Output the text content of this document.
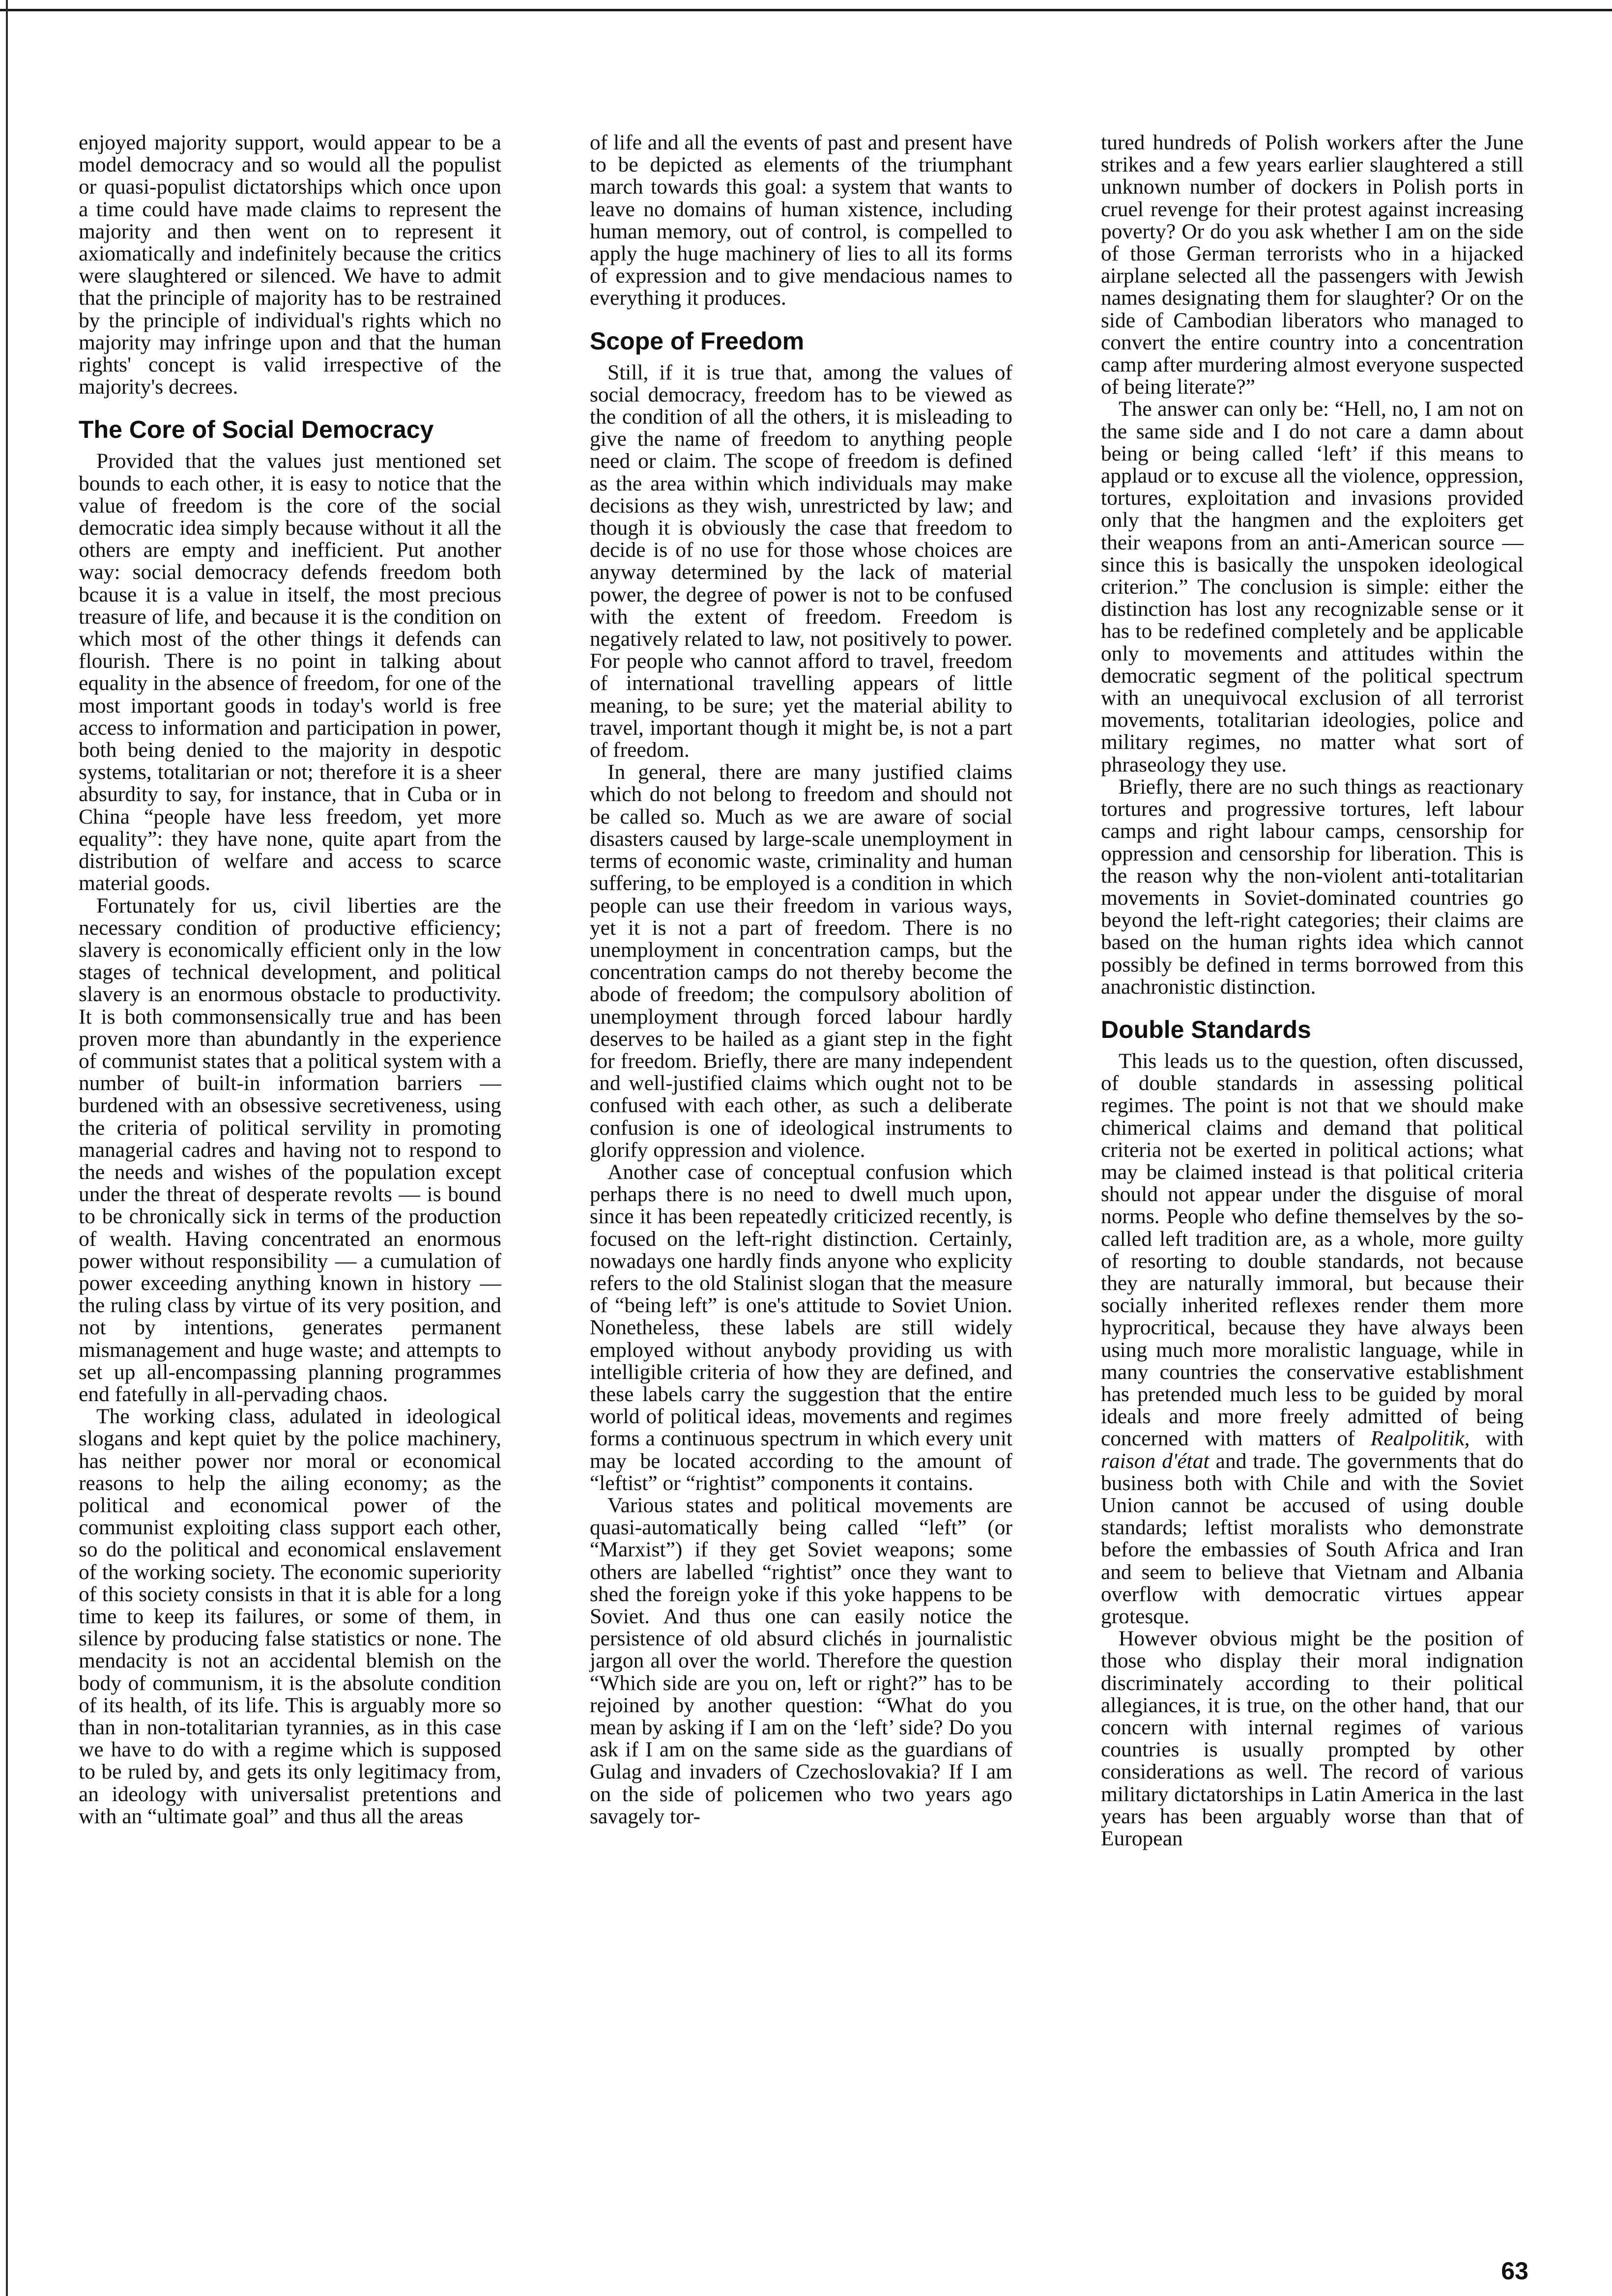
enjoyed majority support, would appear to be a model democracy and so would all the populist or quasi-populist dictatorships which once upon a time could have made claims to represent the majority and then went on to represent it axiomatically and indefinitely because the critics were slaughtered or silenced. We have to admit that the principle of majority has to be restrained by the principle of individual's rights which no majority may infringe upon and that the human rights' concept is valid irrespective of the majority's decrees.

The Core of Social Democracy

Provided that the values just mentioned set bounds to each other, it is easy to notice that the value of freedom is the core of the social democratic idea simply because without it all the others are empty and inefficient. Put another way: social democracy defends freedom both bcause it is a value in itself, the most precious treasure of life, and because it is the condition on which most of the other things it defends can flourish. There is no point in talking about equality in the absence of freedom, for one of the most important goods in today's world is free access to information and participation in power, both being denied to the majority in despotic systems, totalitarian or not; therefore it is a sheer absurdity to say, for instance, that in Cuba or in China “people have less freedom, yet more equality”: they have none, quite apart from the distribution of welfare and access to scarce material goods.

Fortunately for us, civil liberties are the necessary condition of productive efficiency; slavery is economically efficient only in the low stages of technical development, and political slavery is an enormous obstacle to productivity. It is both commonsensically true and has been proven more than abundantly in the experience of communist states that a political system with a number of built-in information barriers — burdened with an obsessive secretiveness, using the criteria of political servility in promoting managerial cadres and having not to respond to the needs and wishes of the population except under the threat of desperate revolts — is bound to be chronically sick in terms of the production of wealth. Having concentrated an enormous power without responsibility — a cumulation of power exceeding anything known in history — the ruling class by virtue of its very position, and not by intentions, generates permanent mismanagement and huge waste; and attempts to set up all-encompassing planning programmes end fatefully in all-pervading chaos.

The working class, adulated in ideological slogans and kept quiet by the police machinery, has neither power nor moral or economical reasons to help the ailing economy; as the political and economical power of the communist exploiting class support each other, so do the political and economical enslavement of the working society. The economic superiority of this society consists in that it is able for a long time to keep its failures, or some of them, in silence by producing false statistics or none. The mendacity is not an accidental blemish on the body of communism, it is the absolute condition of its health, of its life. This is arguably more so than in non-totalitarian tyrannies, as in this case we have to do with a regime which is supposed to be ruled by, and gets its only legitimacy from, an ideology with universalist pretentions and with an “ultimate goal” and thus all the areas

of life and all the events of past and present have to be depicted as elements of the triumphant march towards this goal: a system that wants to leave no domains of human xistence, including human memory, out of control, is compelled to apply the huge machinery of lies to all its forms of expression and to give mendacious names to everything it produces.

Scope of Freedom

Still, if it is true that, among the values of social democracy, freedom has to be viewed as the condition of all the others, it is misleading to give the name of freedom to anything people need or claim. The scope of freedom is defined as the area within which individuals may make decisions as they wish, unrestricted by law; and though it is obviously the case that freedom to decide is of no use for those whose choices are anyway determined by the lack of material power, the degree of power is not to be confused with the extent of freedom. Freedom is negatively related to law, not positively to power. For people who cannot afford to travel, freedom of international travelling appears of little meaning, to be sure; yet the material ability to travel, important though it might be, is not a part of freedom.

In general, there are many justified claims which do not belong to freedom and should not be called so. Much as we are aware of social disasters caused by large-scale unemployment in terms of economic waste, criminality and human suffering, to be employed is a condition in which people can use their freedom in various ways, yet it is not a part of freedom. There is no unemployment in concentration camps, but the concentration camps do not thereby become the abode of freedom; the compulsory abolition of unemployment through forced labour hardly deserves to be hailed as a giant step in the fight for freedom. Briefly, there are many independent and well-justified claims which ought not to be confused with each other, as such a deliberate confusion is one of ideological instruments to glorify oppression and violence.

Another case of conceptual confusion which perhaps there is no need to dwell much upon, since it has been repeatedly criticized recently, is focused on the left-right distinction. Certainly, nowadays one hardly finds anyone who explicity refers to the old Stalinist slogan that the measure of “being left” is one's attitude to Soviet Union. Nonetheless, these labels are still widely employed without anybody providing us with intelligible criteria of how they are defined, and these labels carry the suggestion that the entire world of political ideas, movements and regimes forms a continuous spectrum in which every unit may be located according to the amount of “leftist” or “rightist” components it contains.

Various states and political movements are quasi-automatically being called “left” (or “Marxist”) if they get Soviet weapons; some others are labelled “rightist” once they want to shed the foreign yoke if this yoke happens to be Soviet. And thus one can easily notice the persistence of old absurd clichés in journalistic jargon all over the world. Therefore the question “Which side are you on, left or right?” has to be rejoined by another question: “What do you mean by asking if I am on the ‘left’ side? Do you ask if I am on the same side as the guardians of Gulag and invaders of Czechoslovakia? If I am on the side of policemen who two years ago savagely tor-

tured hundreds of Polish workers after the June strikes and a few years earlier slaughtered a still unknown number of dockers in Polish ports in cruel revenge for their protest against increasing poverty? Or do you ask whether I am on the side of those German terrorists who in a hijacked airplane selected all the passengers with Jewish names designating them for slaughter? Or on the side of Cambodian liberators who managed to convert the entire country into a concentration camp after murdering almost everyone suspected of being literate?”

The answer can only be: “Hell, no, I am not on the same side and I do not care a damn about being or being called ‘left’ if this means to applaud or to excuse all the violence, oppression, tortures, exploitation and invasions provided only that the hangmen and the exploiters get their weapons from an anti-American source — since this is basically the unspoken ideological criterion.” The conclusion is simple: either the distinction has lost any recognizable sense or it has to be redefined completely and be applicable only to movements and attitudes within the democratic segment of the political spectrum with an unequivocal exclusion of all terrorist movements, totalitarian ideologies, police and military regimes, no matter what sort of phraseology they use.

Briefly, there are no such things as reactionary tortures and progressive tortures, left labour camps and right labour camps, censorship for oppression and censorship for liberation. This is the reason why the non-violent anti-totalitarian movements in Soviet-dominated countries go beyond the left-right categories; their claims are based on the human rights idea which cannot possibly be defined in terms borrowed from this anachronistic distinction.

Double Standards

This leads us to the question, often discussed, of double standards in assessing political regimes. The point is not that we should make chimerical claims and demand that political criteria not be exerted in political actions; what may be claimed instead is that political criteria should not appear under the disguise of moral norms. People who define themselves by the so-called left tradition are, as a whole, more guilty of resorting to double standards, not because they are naturally immoral, but because their socially inherited reflexes render them more hyprocritical, because they have always been using much more moralistic language, while in many countries the conservative establishment has pretended much less to be guided by moral ideals and more freely admitted of being concerned with matters of Realpolitik, with raison d'état and trade. The governments that do business both with Chile and with the Soviet Union cannot be accused of using double standards; leftist moralists who demonstrate before the embassies of South Africa and Iran and seem to believe that Vietnam and Albania overflow with democratic virtues appear grotesque.

However obvious might be the position of those who display their moral indignation discriminately according to their political allegiances, it is true, on the other hand, that our concern with internal regimes of various countries is usually prompted by other considerations as well. The record of various military dictatorships in Latin America in the last years has been arguably worse than that of European

63
